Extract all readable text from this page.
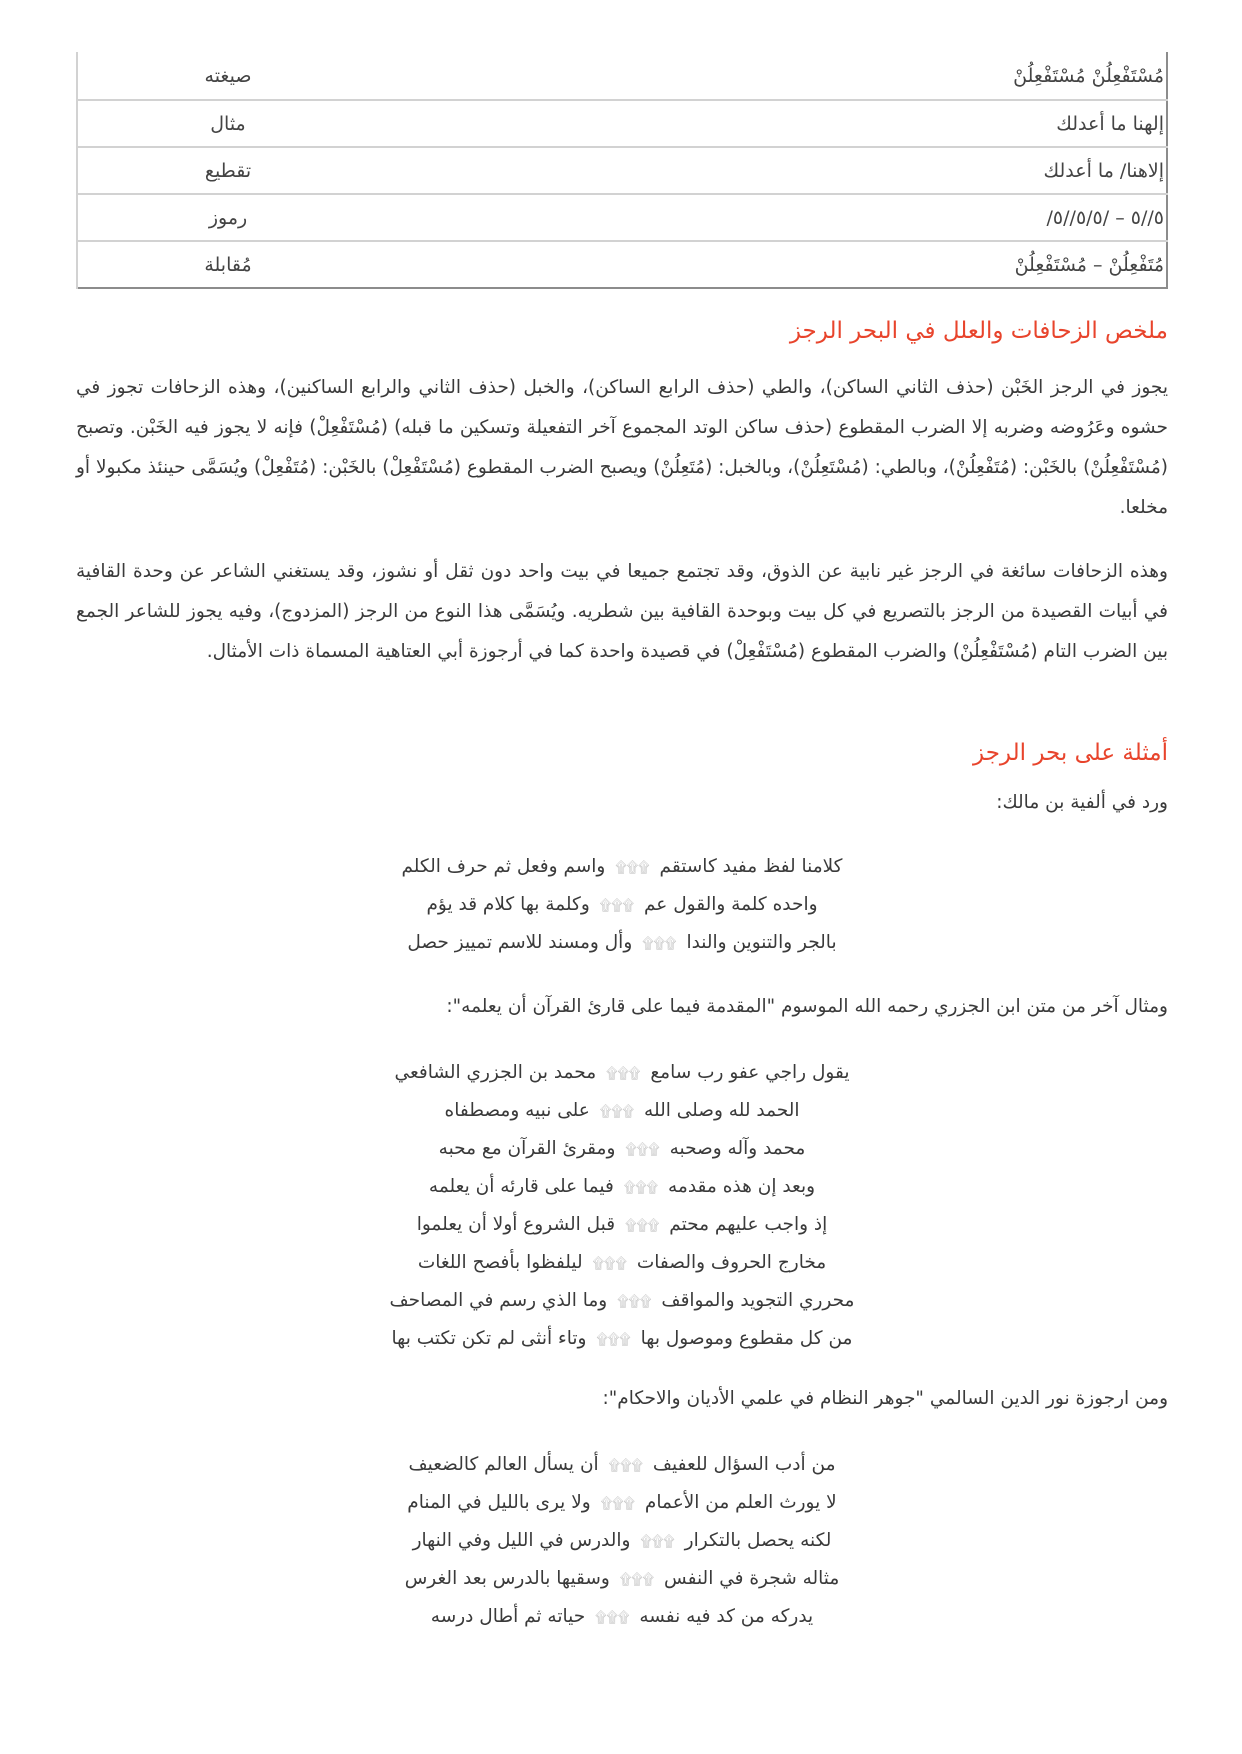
مُسْتَفْعِلُنْ مُسْتَفْعِلُنْ	صيغته
إلهنا ما أعدلك	مثال
إلاهنا/ ما أعدلك	تقطيع
/٥//٥ – /٥/٥//٥	رموز
مُتَفْعِلُنْ – مُسْتَفْعِلُنْ	مُقابلة
ملخص الزحافات والعلل في البحر الرجز

يجوز في الرجز الخَبْن (حذف الثاني الساكن)، والطي (حذف الرابع الساكن)، والخبل (حذف الثاني والرابع الساكنين)، وهذه الزحافات تجوز في حشوه وعَرُوضه وضربه إلا الضرب المقطوع (حذف ساكن الوتد المجموع آخر التفعيلة وتسكين ما قبله) (مُسْتَفْعِلْ) فإنه لا يجوز فيه الخَبْن. وتصبح (مُسْتَفْعِلُنْ) بالخَبْن: (مُتَفْعِلُنْ)، وبالطي: (مُسْتَعِلُنْ)، وبالخبل: (مُتَعِلُنْ) ويصبح الضرب المقطوع (مُسْتَفْعِلْ) بالخَبْن: (مُتَفْعِلْ) ويُسَمَّى حينئذ مكبولا أو مخلعا.

وهذه الزحافات سائغة في الرجز غير نابية عن الذوق، وقد تجتمع جميعا في بيت واحد دون ثقل أو نشوز، وقد يستغني الشاعر عن وحدة القافية في أبيات القصيدة من الرجز بالتصريع في كل بيت وبوحدة القافية بين شطريه. ويُسَمَّى هذا النوع من الرجز (المزدوج)، وفيه يجوز للشاعر الجمع بين الضرب التام (مُسْتَفْعِلُنْ) والضرب المقطوع (مُسْتَفْعِلْ) في قصيدة واحدة كما في أرجوزة أبي العتاهية المسماة ذات الأمثال.

أمثلة على بحر الرجز

ورد في ألفية بن مالك:

كلامنا لفظ مفيد كاستقم۩۩۩واسم وفعل ثم حرف الكلم
واحده كلمة والقول عم۩۩۩وكلمة بها كلام قد يؤم
بالجر والتنوين والندا۩۩۩وأل ومسند للاسم تمييز حصل

ومثال آخر من متن ابن الجزري رحمه الله الموسوم "المقدمة فيما على قارئ القرآن أن يعلمه":

يقول راجي عفو رب سامع۩۩۩محمد بن الجزري الشافعي
الحمد لله وصلى الله۩۩۩على نبيه ومصطفاه
محمد وآله وصحبه۩۩۩ومقرئ القرآن مع محبه
وبعد إن هذه مقدمه۩۩۩فيما على قارئه أن يعلمه
إذ واجب عليهم محتم۩۩۩قبل الشروع أولا أن يعلموا
مخارج الحروف والصفات۩۩۩ليلفظوا بأفصح اللغات
محرري التجويد والمواقف۩۩۩وما الذي رسم في المصاحف
من كل مقطوع وموصول بها۩۩۩وتاء أنثى لم تكن تكتب بها

ومن ارجوزة نور الدين السالمي "جوهر النظام في علمي الأديان والاحكام":

من أدب السؤال للعفيف۩۩۩أن يسأل العالم كالضعيف
لا يورث العلم من الأعمام۩۩۩ولا يرى بالليل في المنام
لكنه يحصل بالتكرار۩۩۩والدرس في الليل وفي النهار
مثاله شجرة في النفس۩۩۩وسقيها بالدرس بعد الغرس
يدركه من كد فيه نفسه۩۩۩حياته ثم أطال درسه
